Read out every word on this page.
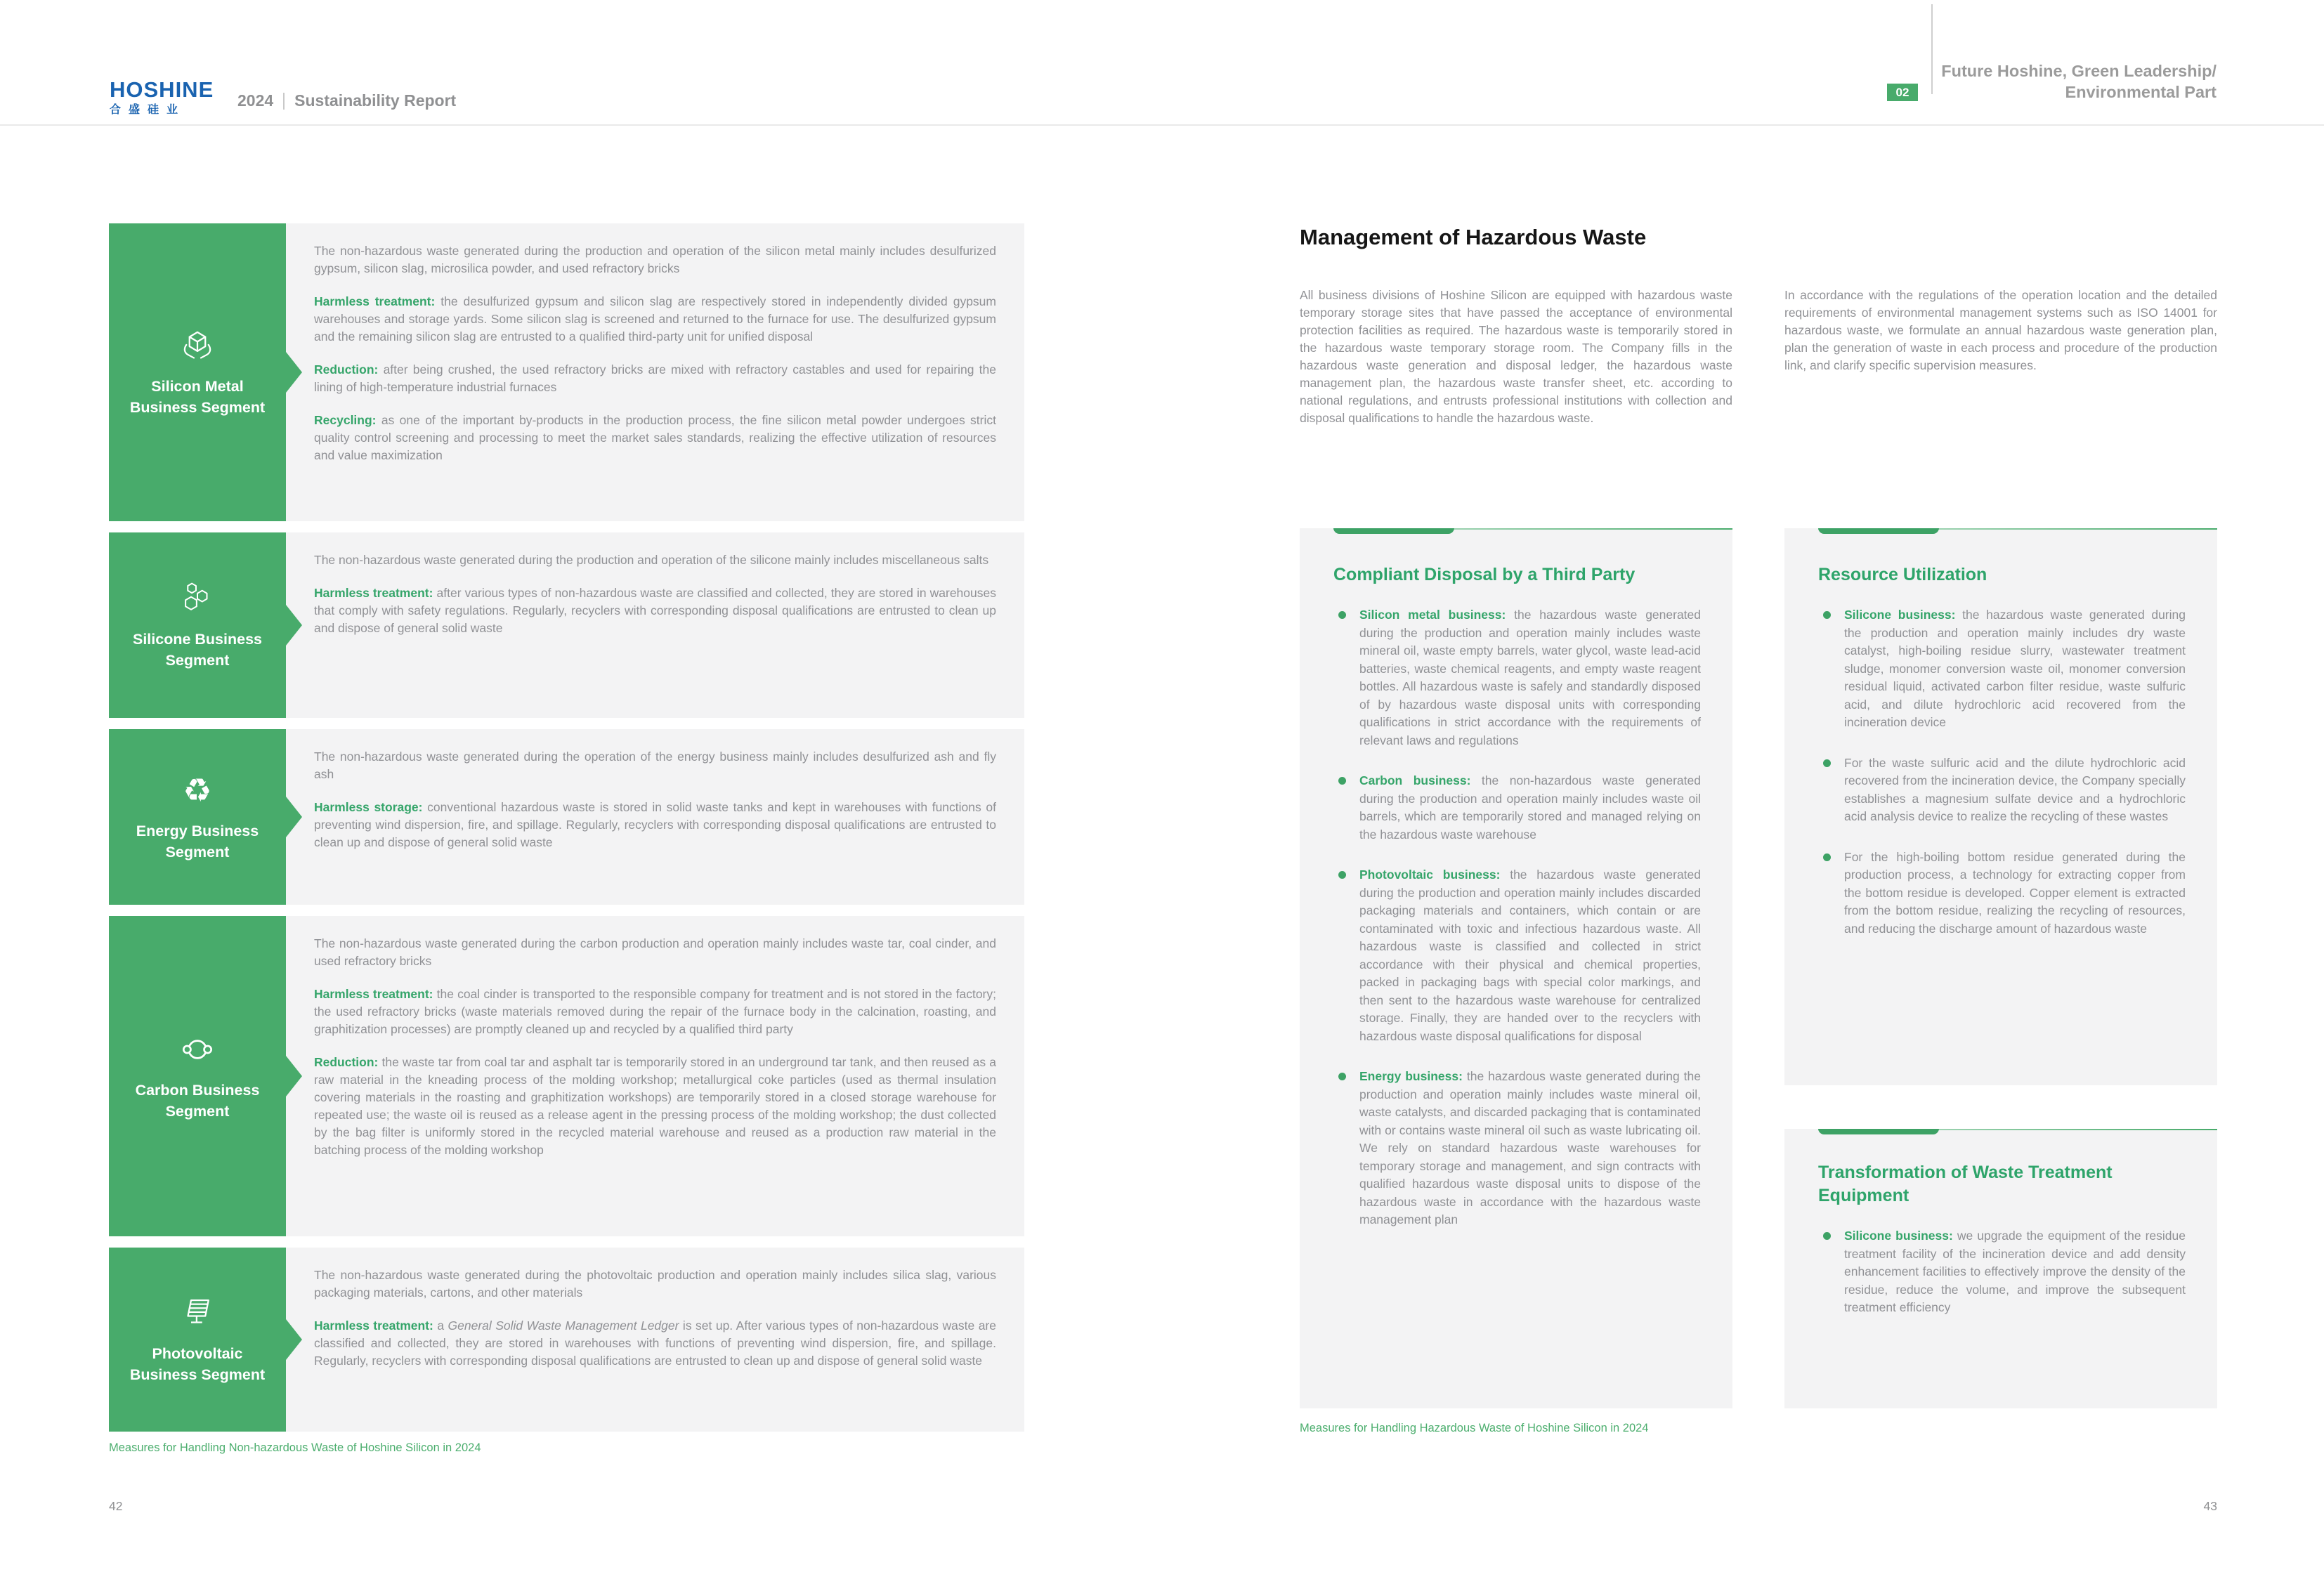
HOSHINE
合盛硅业
2024 Sustainability Report	02
Future Hoshine, Green Leadership/
Environmental Part
Silicon Metal
Business Segment

The non-hazardous waste generated during the production and operation of the silicon metal mainly includes desulfurized gypsum, silicon slag, microsilica powder, and used refractory bricks

Harmless treatment: the desulfurized gypsum and silicon slag are respectively stored in independently divided gypsum warehouses and storage yards. Some silicon slag is screened and returned to the furnace for use. The desulfurized gypsum and the remaining silicon slag are entrusted to a qualified third-party unit for unified disposal

Reduction: after being crushed, the used refractory bricks are mixed with refractory castables and used for repairing the lining of high-temperature industrial furnaces

Recycling: as one of the important by-products in the production process, the fine silicon metal powder undergoes strict quality control screening and processing to meet the market sales standards, realizing the effective utilization of resources and value maximization

Silicone Business
Segment

The non-hazardous waste generated during the production and operation of the silicone mainly includes miscellaneous salts

Harmless treatment: after various types of non-hazardous waste are classified and collected, they are stored in warehouses that comply with safety regulations. Regularly, recyclers with corresponding disposal qualifications are entrusted to clean up and dispose of general solid waste

♻
Energy Business
Segment

The non-hazardous waste generated during the operation of the energy business mainly includes desulfurized ash and fly ash

Harmless storage: conventional hazardous waste is stored in solid waste tanks and kept in warehouses with functions of preventing wind dispersion, fire, and spillage. Regularly, recyclers with corresponding disposal qualifications are entrusted to clean up and dispose of general solid waste

Carbon Business
Segment

The non-hazardous waste generated during the carbon production and operation mainly includes waste tar, coal cinder, and used refractory bricks

Harmless treatment: the coal cinder is transported to the responsible company for treatment and is not stored in the factory; the used refractory bricks (waste materials removed during the repair of the furnace body in the calcination, roasting, and graphitization processes) are promptly cleaned up and recycled by a qualified third party

Reduction: the waste tar from coal tar and asphalt tar is temporarily stored in an underground tar tank, and then reused as a raw material in the kneading process of the molding workshop; metallurgical coke particles (used as thermal insulation covering materials in the roasting and graphitization workshops) are temporarily stored in a closed storage warehouse for repeated use; the waste oil is reused as a release agent in the pressing process of the molding workshop; the dust collected by the bag filter is uniformly stored in the recycled material warehouse and reused as a production raw material in the batching process of the molding workshop

Photovoltaic
Business Segment

The non-hazardous waste generated during the photovoltaic production and operation mainly includes silica slag, various packaging materials, cartons, and other materials

Harmless treatment: a General Solid Waste Management Ledger is set up. After various types of non-hazardous waste are classified and collected, they are stored in warehouses with functions of preventing wind dispersion, fire, and spillage. Regularly, recyclers with corresponding disposal qualifications are entrusted to clean up and dispose of general solid waste

Measures for Handling Non-hazardous Waste of Hoshine Silicon in 2024
42
Management of Hazardous Waste

All business divisions of Hoshine Silicon are equipped with hazardous waste temporary storage sites that have passed the acceptance of environmental protection facilities as required. The hazardous waste is temporarily stored in the hazardous waste temporary storage room. The Company fills in the hazardous waste generation and disposal ledger, the hazardous waste management plan, the hazardous waste transfer sheet, etc. according to national regulations, and entrusts professional institutions with collection and disposal qualifications to handle the hazardous waste.

In accordance with the regulations of the operation location and the detailed requirements of environmental management systems such as ISO 14001 for hazardous waste, we formulate an annual hazardous waste generation plan, plan the generation of waste in each process and procedure of the production link, and clarify specific supervision measures.

Compliant Disposal by a Third Party
Silicon metal business: the hazardous waste generated during the production and operation mainly includes waste mineral oil, waste empty barrels, water glycol, waste lead-acid batteries, waste chemical reagents, and empty waste reagent bottles. All hazardous waste is safely and standardly disposed of by hazardous waste disposal units with corresponding qualifications in strict accordance with the requirements of relevant laws and regulations
Carbon business: the non-hazardous waste generated during the production and operation mainly includes waste oil barrels, which are temporarily stored and managed relying on the hazardous waste warehouse
Photovoltaic business: the hazardous waste generated during the production and operation mainly includes discarded packaging materials and containers, which contain or are contaminated with toxic and infectious hazardous waste. All hazardous waste is classified and collected in strict accordance with their physical and chemical properties, packed in packaging bags with special color markings, and then sent to the hazardous waste warehouse for centralized storage. Finally, they are handed over to the recyclers with hazardous waste disposal qualifications for disposal
Energy business: the hazardous waste generated during the production and operation mainly includes waste mineral oil, waste catalysts, and discarded packaging that is contaminated with or contains waste mineral oil such as waste lubricating oil. We rely on standard hazardous waste warehouses for temporary storage and management, and sign contracts with qualified hazardous waste disposal units to dispose of the hazardous waste in accordance with the hazardous waste management plan
Resource Utilization
Silicone business: the hazardous waste generated during the production and operation mainly includes dry waste catalyst, high-boiling residue slurry, wastewater treatment sludge, monomer conversion waste oil, monomer conversion residual liquid, activated carbon filter residue, waste sulfuric acid, and dilute hydrochloric acid recovered from the incineration device
For the waste sulfuric acid and the dilute hydrochloric acid recovered from the incineration device, the Company specially establishes a magnesium sulfate device and a hydrochloric acid analysis device to realize the recycling of these wastes
For the high-boiling bottom residue generated during the production process, a technology for extracting copper from the bottom residue is developed. Copper element is extracted from the bottom residue, realizing the recycling of resources, and reducing the discharge amount of hazardous waste
Transformation of Waste Treatment Equipment
Silicone business: we upgrade the equipment of the residue treatment facility of the incineration device and add density enhancement facilities to effectively improve the density of the residue, reduce the volume, and improve the subsequent treatment efficiency
Measures for Handling Hazardous Waste of Hoshine Silicon in 2024
43
